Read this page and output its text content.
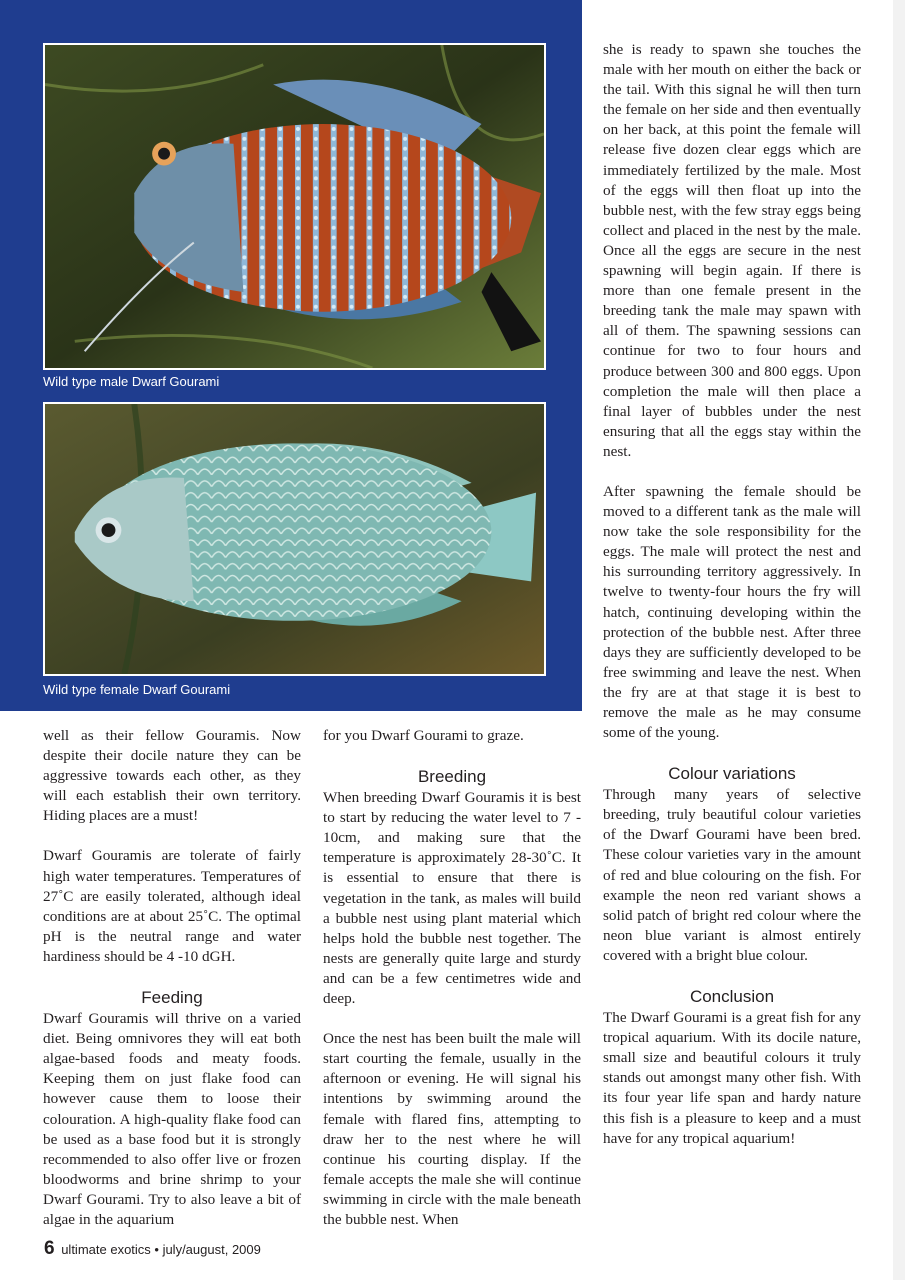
Wild type male Dwarf Gourami
Wild type female Dwarf Gourami

well as their fellow Gouramis. Now despite their docile nature they can be aggressive towards each other, as they will each establish their own territory. Hiding places are a must!

Dwarf Gouramis are tolerate of fairly high water temperatures. Temperatures of 27˚C are easily tolerated, although ideal conditions are at about 25˚C. The optimal pH is the neutral range and water hardiness should be 4 -10 dGH.

Feeding

Dwarf Gouramis will thrive on a varied diet. Being omnivores they will eat both algae-based foods and meaty foods. Keeping them on just flake food can however cause them to loose their colouration. A high-quality flake food can be used as a base food but it is strongly recommended to also offer live or frozen bloodworms and brine shrimp to your Dwarf Gourami. Try to also leave a bit of algae in the aquarium

for you Dwarf Gourami to graze.

Breeding

When breeding Dwarf Gouramis it is best to start by reducing the water level to 7 - 10cm, and making sure that the temperature is approximately 28-30˚C. It is essential to ensure that there is vegetation in the tank, as males will build a bubble nest using plant material which helps hold the bubble nest together. The nests are generally quite large and sturdy and can be a few centimetres wide and deep.

Once the nest has been built the male will start courting the female, usually in the afternoon or evening. He will signal his intentions by swimming around the female with flared fins, attempting to draw her to the nest where he will continue his courting display. If the female accepts the male she will continue swimming in circle with the male beneath the bubble nest. When

she is ready to spawn she touches the male with her mouth on either the back or the tail. With this signal he will then turn the female on her side and then eventually on her back, at this point the female will release five dozen clear eggs which are immediately fertilized by the male. Most of the eggs will then float up into the bubble nest, with the few stray eggs being collect and placed in the nest by the male. Once all the eggs are secure in the nest spawning will begin again. If there is more than one female present in the breeding tank the male may spawn with all of them. The spawning sessions can continue for two to four hours and produce between 300 and 800 eggs. Upon completion the male will then place a final layer of bubbles under the nest ensuring that all the eggs stay within the nest.

After spawning the female should be moved to a different tank as the male will now take the sole responsibility for the eggs. The male will protect the nest and his surrounding territory aggressively. In twelve to twenty-four hours the fry will hatch, continuing developing within the protection of the bubble nest. After three days they are sufficiently developed to be free swimming and leave the nest. When the fry are at that stage it is best to remove the male as he may consume some of the young.

Colour variations

Through many years of selective breeding, truly beautiful colour varieties of the Dwarf Gourami have been bred. These colour varieties vary in the amount of red and blue colouring on the fish. For example the neon red variant shows a solid patch of bright red colour where the neon blue variant is almost entirely covered with a bright blue colour.

Conclusion

The Dwarf Gourami is a great fish for any tropical aquarium. With its docile nature, small size and beautiful colours it truly stands out amongst many other fish. With its four year life span and hardy nature this fish is a pleasure to keep and a must have for any tropical aquarium!

6 ultimate exotics • july/august, 2009
